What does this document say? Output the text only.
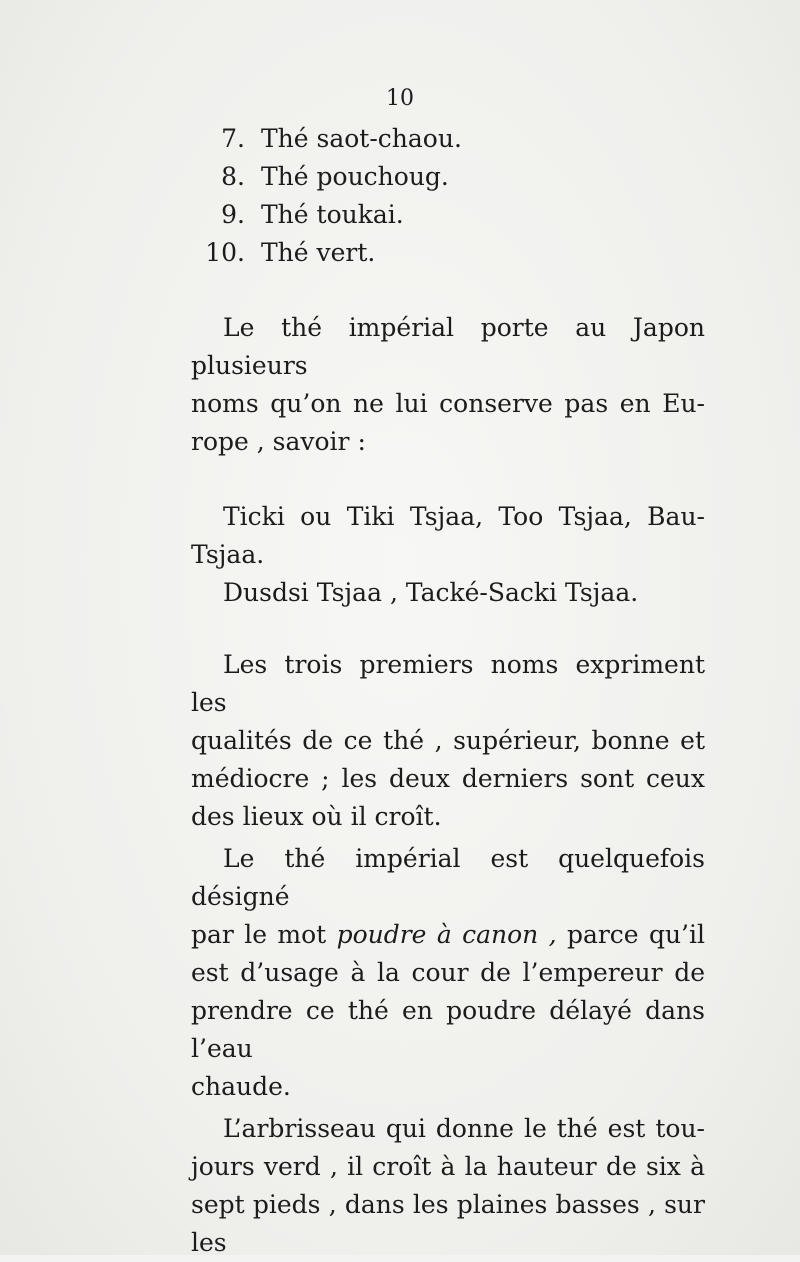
10
7. Thé saot-chaou.
8. Thé pouchoug.
9. Thé toukai.
10. Thé vert.

Le thé impérial porte au Japon plusieurs

noms qu’on ne lui conserve pas en Eu-

rope , savoir :

Ticki ou Tiki Tsjaa, Too Tsjaa, Bau-

Tsjaa.

Dusdsi Tsjaa , Tacké-Sacki Tsjaa.

Les trois premiers noms expriment les

qualités de ce thé , supérieur, bonne et

médiocre ; les deux derniers sont ceux

des lieux où il croît.

Le thé impérial est quelquefois désigné

par le mot poudre à canon , parce qu’il

est d’usage à la cour de l’empereur de

prendre ce thé en poudre délayé dans l’eau

chaude.

L’arbrisseau qui donne le thé est tou-

jours verd , il croît à la hauteur de six à

sept pieds , dans les plaines basses , sur les
